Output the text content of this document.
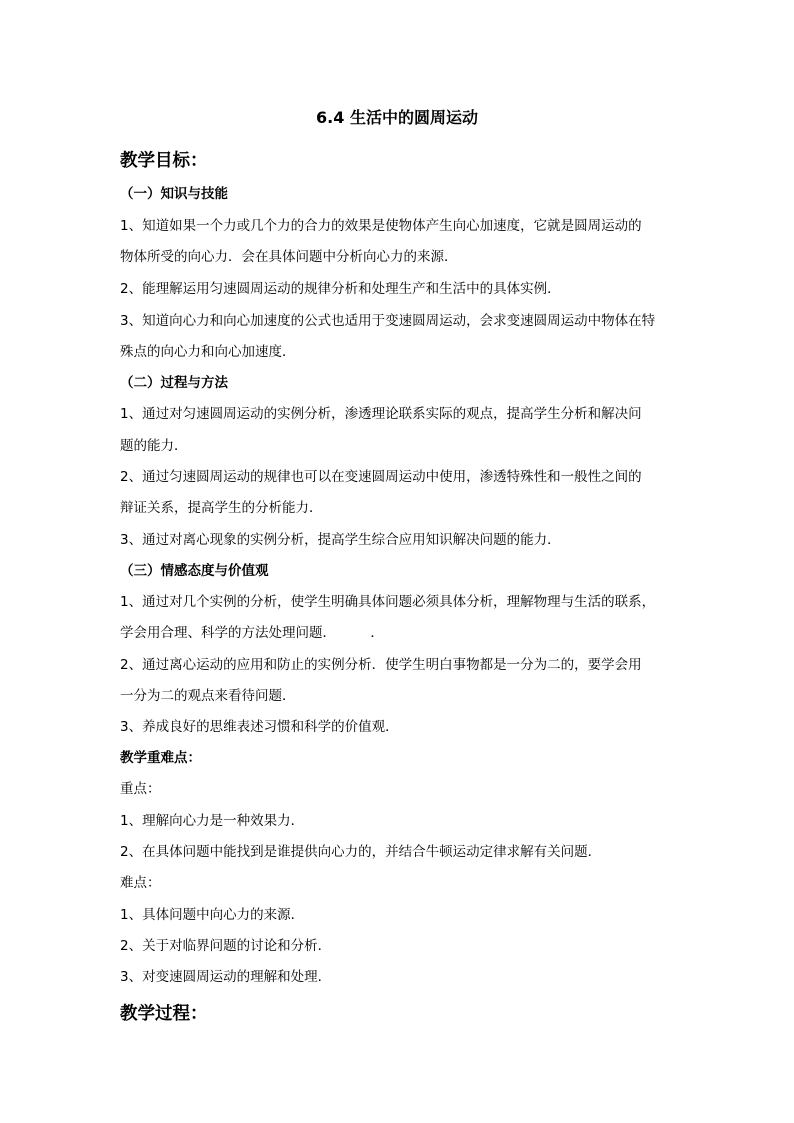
6.4 生活中的圆周运动
教学目标：
（一）知识与技能
1、知道如果一个力或几个力的合力的效果是使物体产生向心加速度，它就是圆周运动的
物体所受的向心力．会在具体问题中分析向心力的来源．
2、能理解运用匀速圆周运动的规律分析和处理生产和生活中的具体实例．
3、知道向心力和向心加速度的公式也适用于变速圆周运动，会求变速圆周运动中物体在特
殊点的向心力和向心加速度．
（二）过程与方法
1、通过对匀速圆周运动的实例分析，渗透理论联系实际的观点，提高学生分析和解决问
题的能力．
2、通过匀速圆周运动的规律也可以在变速圆周运动中使用，渗透特殊性和一般性之间的
辩证关系，提高学生的分析能力．
3、通过对离心现象的实例分析，提高学生综合应用知识解决问题的能力．
（三）情感态度与价值观
1、通过对几个实例的分析，使学生明确具体问题必须具体分析，理解物理与生活的联系，
学会用合理、科学的方法处理问题．        ．
2、通过离心运动的应用和防止的实例分析．使学生明白事物都是一分为二的，要学会用
一分为二的观点来看待问题．
3、养成良好的思维表述习惯和科学的价值观．
教学重难点：
重点：
1、理解向心力是一种效果力．
2、在具体问题中能找到是谁提供向心力的，并结合牛顿运动定律求解有关问题．
难点：
1、具体问题中向心力的来源．
2、关于对临界问题的讨论和分析．
3、对变速圆周运动的理解和处理．
教学过程：
